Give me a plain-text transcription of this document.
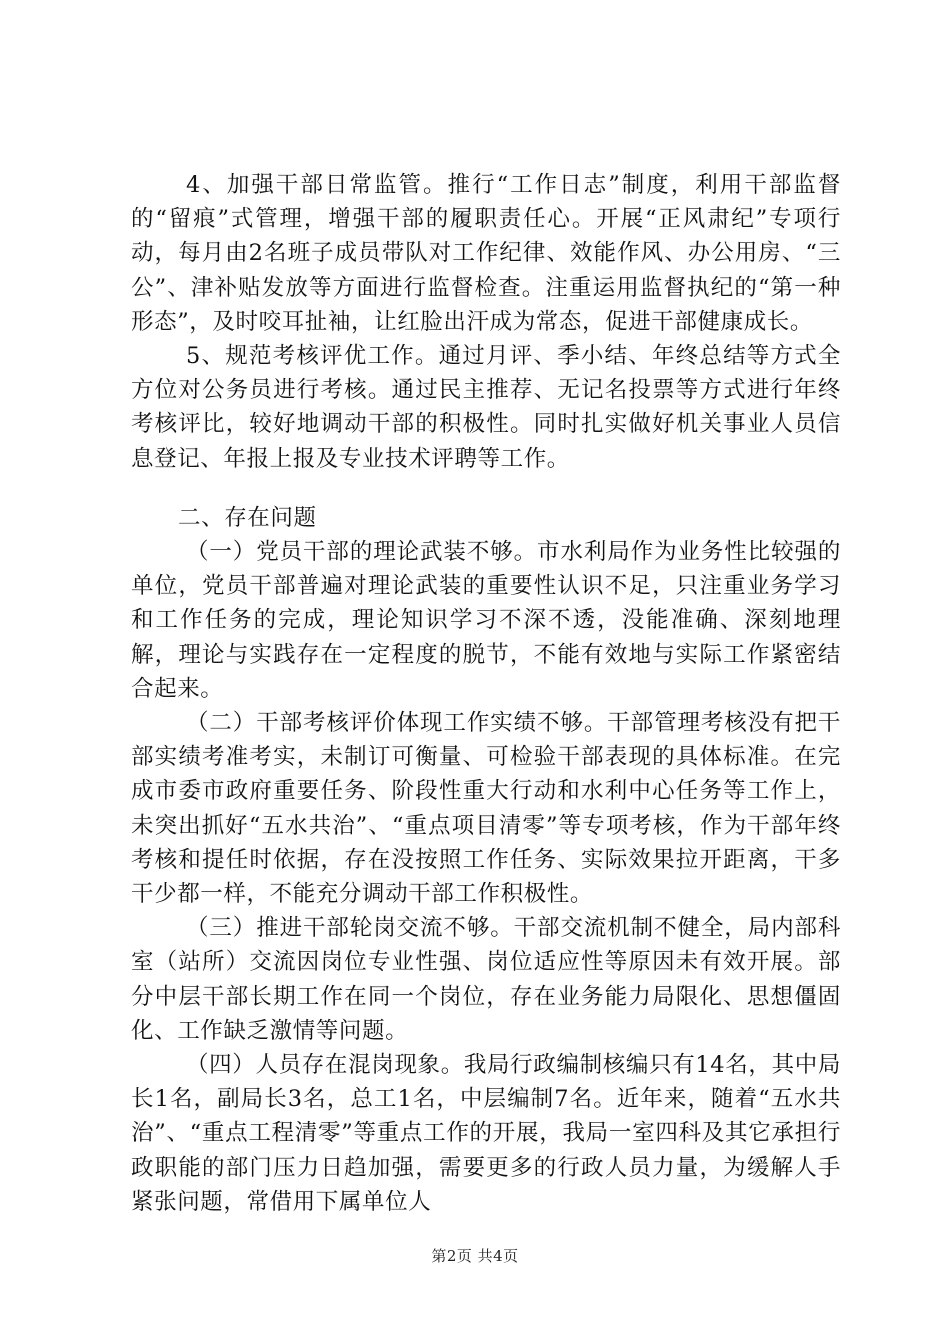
4、加强干部日常监管。推行“工作日志”制度，利用干部监督的“留痕”式管理，增强干部的履职责任心。开展“正风肃纪”专项行动，每月由2名班子成员带队对工作纪律、效能作风、办公用房、“三公”、津补贴发放等方面进行监督检查。注重运用监督执纪的“第一种形态”，及时咬耳扯袖，让红脸出汗成为常态，促进干部健康成长。

5、规范考核评优工作。通过月评、季小结、年终总结等方式全方位对公务员进行考核。通过民主推荐、无记名投票等方式进行年终考核评比，较好地调动干部的积极性。同时扎实做好机关事业人员信息登记、年报上报及专业技术评聘等工作。

二、存在问题

（一）党员干部的理论武装不够。市水利局作为业务性比较强的单位，党员干部普遍对理论武装的重要性认识不足，只注重业务学习和工作任务的完成，理论知识学习不深不透，没能准确、深刻地理解，理论与实践存在一定程度的脱节，不能有效地与实际工作紧密结合起来。

（二）干部考核评价体现工作实绩不够。干部管理考核没有把干部实绩考准考实，未制订可衡量、可检验干部表现的具体标准。在完成市委市政府重要任务、阶段性重大行动和水利中心任务等工作上，未突出抓好“五水共治”、“重点项目清零”等专项考核，作为干部年终考核和提任时依据，存在没按照工作任务、实际效果拉开距离，干多干少都一样，不能充分调动干部工作积极性。

（三）推进干部轮岗交流不够。干部交流机制不健全，局内部科室（站所）交流因岗位专业性强、岗位适应性等原因未有效开展。部分中层干部长期工作在同一个岗位，存在业务能力局限化、思想僵固化、工作缺乏激情等问题。

（四）人员存在混岗现象。我局行政编制核编只有14名，其中局长1名，副局长3名，总工1名，中层编制7名。近年来，随着“五水共治”、“重点工程清零”等重点工作的开展，我局一室四科及其它承担行政职能的部门压力日趋加强，需要更多的行政人员力量，为缓解人手紧张问题，常借用下属单位人

第2页 共4页
